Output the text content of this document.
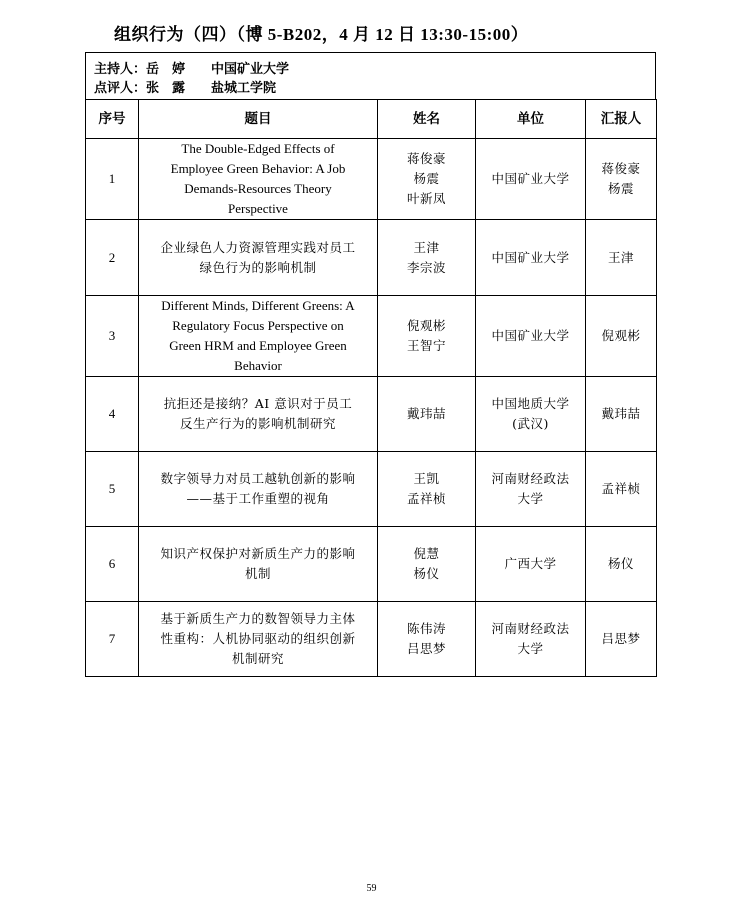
组织行为（四）（博 5-B202，4 月 12 日 13:30-15:00）
主持人：岳　婷　　中国矿业大学
点评人：张　露　　盐城工学院
序号	题目	姓名	单位	汇报人
1	The Double-Edged Effects of
Employee Green Behavior: A Job
Demands-Resources Theory
Perspective	蒋俊豪
杨震
叶新凤	中国矿业大学	蒋俊豪
杨震

2	企业绿色人力资源管理实践对员工
绿色行为的影响机制	王津
李宗波	中国矿业大学	王津

3	Different Minds, Different Greens: A
Regulatory Focus Perspective on
Green HRM and Employee Green
Behavior	倪观彬
王智宁	中国矿业大学	倪观彬

4	抗拒还是接纳？AI 意识对于员工
反生产行为的影响机制研究	戴玮喆	中国地质大学
(武汉)	戴玮喆

5	数字领导力对员工越轨创新的影响
——基于工作重塑的视角	王凯
孟祥桢	河南财经政法
大学	孟祥桢

6	知识产权保护对新质生产力的影响
机制	倪慧
杨仪	广西大学	杨仪

7	基于新质生产力的数智领导力主体
性重构：人机协同驱动的组织创新
机制研究	陈伟涛
吕思梦	河南财经政法
大学	吕思梦
59
